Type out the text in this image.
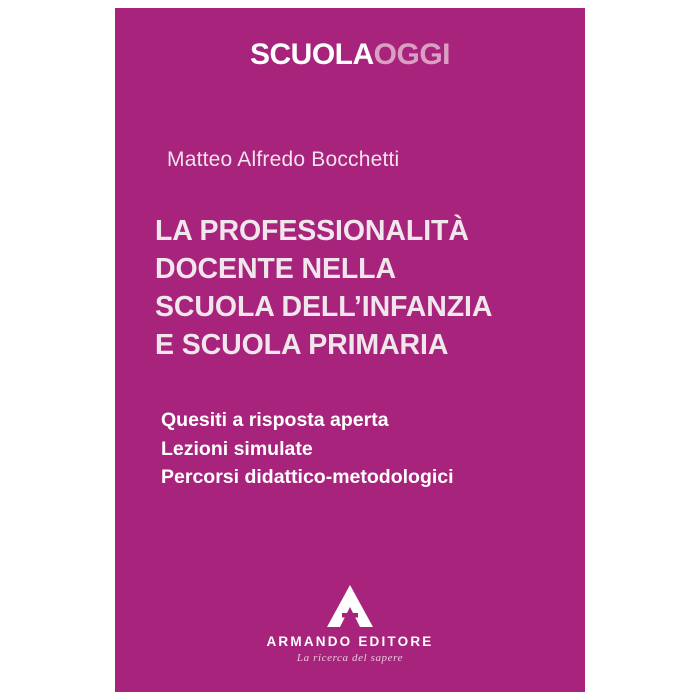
SCUOLAOGGI
Matteo Alfredo Bocchetti
LA PROFESSIONALITÀ
DOCENTE NELLA
SCUOLA DELL’INFANZIA
E SCUOLA PRIMARIA
Quesiti a risposta aperta
Lezioni simulate
Percorsi didattico-metodologici
ARMANDO EDITORE
La ricerca del sapere
